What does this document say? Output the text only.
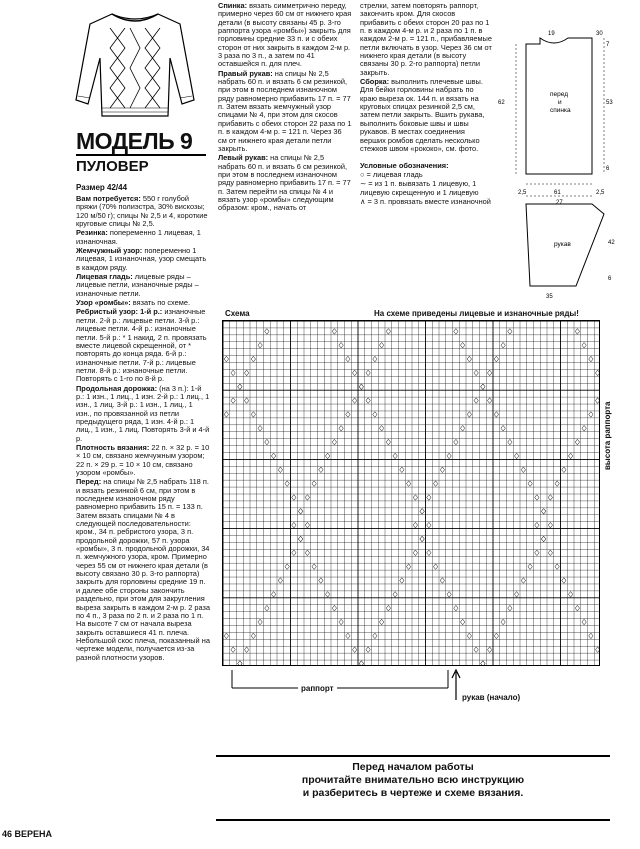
МОДЕЛЬ 9
ПУЛОВЕР
Размер 42/44

Вам потребуется: 550 г голубой пряжи (70% полиэстра, 30% вискозы; 120 м/50 г); спицы № 2,5 и 4, короткие круговые спицы № 2,5.

Резинка: попеременно 1 лицевая, 1 изнаночная.

Жемчужный узор: попеременно 1 лицевая, 1 изнаночная, узор смещать в каждом ряду.

Лицевая гладь: лицевые ряды – лицевые петли, изнаночные ряды – изнаночные петли.

Узор «ромбы»: вязать по схеме.

Ребристый узор: 1-й р.: изнаночные петли. 2-й р.: лицевые петли. 3-й р.: лицевые петли. 4-й р.: изнаночные петли. 5-й р.: * 1 накид, 2 п. провязать вместе лицевой скрещенной, от * повторять до конца ряда. 6-й р.: изнаночные петли. 7-й р.: лицевые петли. 8-й р.: изнаночные петли. Повторять с 1-го по 8-й р.

Продольная дорожка: (на 3 п.): 1-й р.: 1 изн., 1 лиц., 1 изн. 2-й р.: 1 лиц., 1 изн., 1 лиц. 3-й р.: 1 изн., 1 лиц., 1 изн., по провязанной из петли предыдущего ряда, 1 изн. 4-й р.: 1 лиц., 1 изн., 1 лиц. Повторять 3-й и 4-й р.

Плотность вязания: 22 п. × 32 р. = 10 × 10 см, связано жемчужным узором; 22 п. × 29 р. = 10 × 10 см, связано узором «ромбы».

Перед: на спицы № 2,5 набрать 118 п. и вязать резинкой 6 см, при этом в последнем изнаночном ряду равномерно прибавить 15 п. = 133 п. Затем вязать спицами № 4 в следующей последовательности: кром., 34 п. ребристого узора, 3 п. продольной дорожки, 57 п. узора «ромбы», 3 п. продольной дорожки, 34 п. жемчужного узора, кром. Примерно через 55 см от нижнего края детали (в высоту связано 30 р. 3-го раппорта) закрыть для горловины средние 19 п. и далее обе стороны закончить раздельно, при этом для закругления выреза закрыть в каждом 2-м р. 2 раза по 4 п., 3 раза по 2 п. и 2 раза по 1 п. На высоте 7 см от начала выреза закрыть оставшиеся 41 п. плеча. Небольшой скос плеча, показанный на чертеже модели, получается из-за разной плотности узоров.

Спинка: вязать симметрично переду, примерно через 60 см от нижнего края детали (в высоту связаны 45 р. 3-го раппорта узора «ромбы») закрыть для горловины средние 33 п. и с обеих сторон от них закрыть в каждом 2-м р. 3 раза по 3 п., а затем по 41 оставшейся п. для плеч.

Правый рукав: на спицы № 2,5 набрать 60 п. и вязать 6 см резинкой, при этом в последнем изнаночном ряду равномерно прибавить 17 п. = 77 п. Затем вязать жемчужный узор спицами № 4, при этом для скосов прибавить с обеих сторон 22 раза по 1 п. в каждом 4-м р. = 121 п. Через 36 см от нижнего края детали петли закрыть.

Левый рукав: на спицы № 2,5 набрать 60 п. и вязать 6 см резинкой, при этом в последнем изнаночном ряду равномерно прибавить 17 п. = 77 п. Затем перейти на спицы № 4 и вязать узор «ромбы» следующим образом: кром., начать от

стрелки, затем повторять раппорт, закончить кром. Для скосов прибавить с обеих сторон 20 раз по 1 п. в каждом 4-м р. и 2 раза по 1 п. в каждом 2-м р. = 121 п., прибавляемые петли включать в узор. Через 36 см от нижнего края детали (в высоту связаны 30 р. 2-го раппорта) петли закрыть.

Сборка: выполнить плечевые швы. Для бейки горловины набрать по краю выреза ок. 144 п. и вязать на круговых спицах резинкой 2,5 см, затем петли закрыть. Вшить рукава, выполнить боковые швы и швы рукавов. В местах соединения верших ромбов сделать несколько стежков швом «рококо», см. фото.

Условные обозначения:
○ = лицевая гладь
∼ = из 1 п. вывязать 1 лицевую, 1 лицевую скрещенную и 1 лицевую
∧ = 3 п. провязать вместе изнаночной
перед
и
спинка
рукав
19	30
62	53
7
6
2,5	61	2,5
27
42
6
35
Схема	На схеме приведены лицевые и изнаночные ряды!
высота раппорта
раппорт
рукав (начало)
Перед началом работы
прочитайте внимательно всю инструкцию
и разберитесь в чертеже и схеме вязания.
46 ВЕРЕНА
